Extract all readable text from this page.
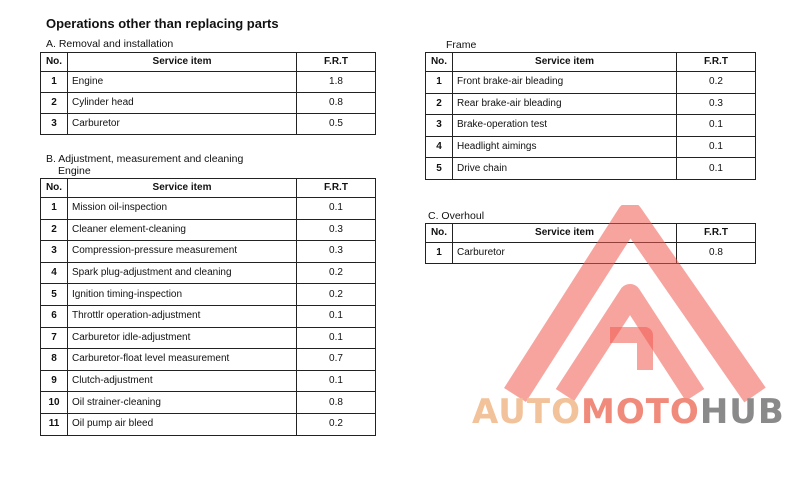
Operations other than replacing parts
A. Removal and installation
No.	Service item	F.R.T
1	Engine	1.8
2	Cylinder head	0.8
3	Carburetor	0.5
B. Adjustment, measurement and cleaning
Engine
No.	Service item	F.R.T
1	Mission oil-inspection	0.1
2	Cleaner element-cleaning	0.3
3	Compression-pressure measurement	0.3
4	Spark plug-adjustment and cleaning	0.2
5	Ignition timing-inspection	0.2
6	Throttlr operation-adjustment	0.1
7	Carburetor idle-adjustment	0.1
8	Carburetor-float level measurement	0.7
9	Clutch-adjustment	0.1
10	Oil strainer-cleaning	0.8
11	Oil pump air bleed	0.2
Frame
No.	Service item	F.R.T
1	Front brake-air bleading	0.2
2	Rear brake-air bleading	0.3
3	Brake-operation test	0.1
4	Headlight aimings	0.1
5	Drive chain	0.1
C. Overhoul
No.	Service item	F.R.T
1	Carburetor	0.8
AUTOMOTOHUB
